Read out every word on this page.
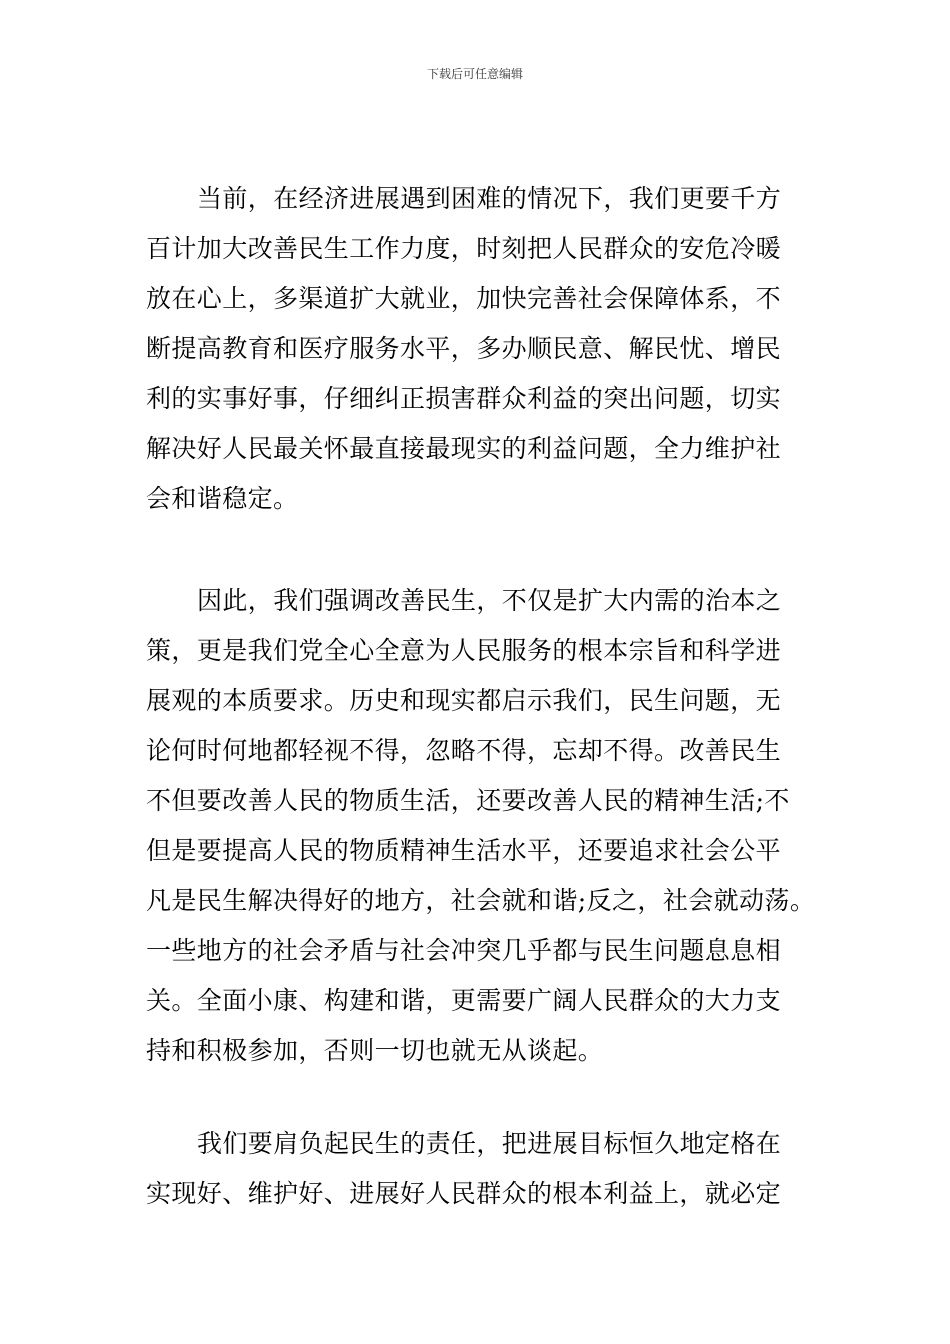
下载后可任意编辑
当前，在经济进展遇到困难的情况下，我们更要千方
百计加大改善民生工作力度，时刻把人民群众的安危冷暖
放在心上，多渠道扩大就业，加快完善社会保障体系，不
断提高教育和医疗服务水平，多办顺民意、解民忧、增民
利的实事好事，仔细纠正损害群众利益的突出问题，切实
解决好人民最关怀最直接最现实的利益问题，全力维护社
会和谐稳定。
因此，我们强调改善民生，不仅是扩大内需的治本之
策，更是我们党全心全意为人民服务的根本宗旨和科学进
展观的本质要求。历史和现实都启示我们，民生问题，无
论何时何地都轻视不得，忽略不得，忘却不得。改善民生
不但要改善人民的物质生活，还要改善人民的精神生活;不
但是要提高人民的物质精神生活水平，还要追求社会公平
凡是民生解决得好的地方，社会就和谐;反之，社会就动荡。
一些地方的社会矛盾与社会冲突几乎都与民生问题息息相
关。全面小康、构建和谐，更需要广阔人民群众的大力支
持和积极参加，否则一切也就无从谈起。
我们要肩负起民生的责任，把进展目标恒久地定格在
实现好、维护好、进展好人民群众的根本利益上，就必定
